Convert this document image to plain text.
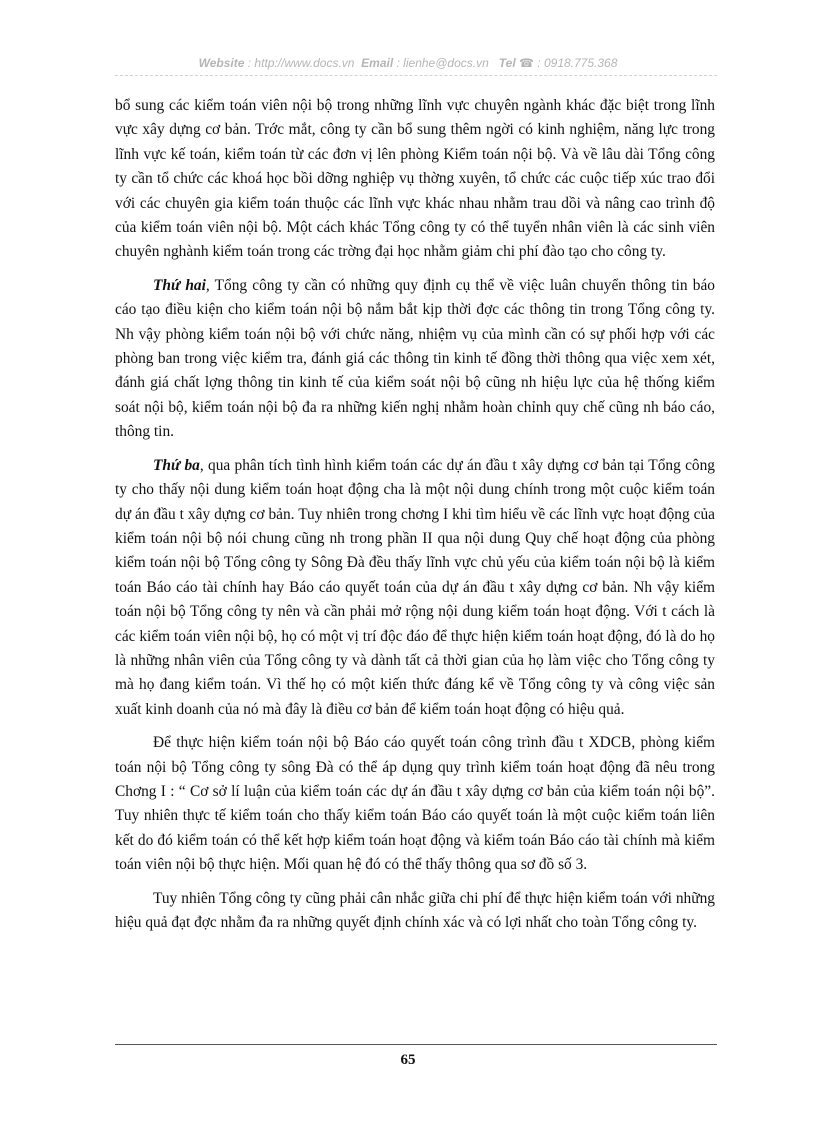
Website : http://www.docs.vn Email : lienhe@docs.vn Tel ☎ : 0918.775.368

bổ sung các kiểm toán viên nội bộ trong những lĩnh vực chuyên ngành khác đặc biệt trong lĩnh vực xây dựng cơ bản. Trớc mắt, công ty cần bổ sung thêm ngời có kinh nghiệm, năng lực trong lĩnh vực kế toán, kiểm toán từ các đơn vị lên phòng Kiểm toán nội bộ. Và về lâu dài Tổng công ty cần tổ chức các khoá học bồi dỡng nghiệp vụ thờng xuyên, tổ chức các cuộc tiếp xúc trao đổi với các chuyên gia kiểm toán thuộc các lĩnh vực khác nhau nhằm trau dồi và nâng cao trình độ của kiểm toán viên nội bộ. Một cách khác Tổng công ty có thể tuyển nhân viên là các sinh viên chuyên nghành kiểm toán trong các trờng đại học nhằm giảm chi phí đào tạo cho công ty.

Thứ hai, Tổng công ty cần có những quy định cụ thể về việc luân chuyển thông tin báo cáo tạo điều kiện cho kiểm toán nội bộ nắm bắt kịp thời đợc các thông tin trong Tổng công ty. Nh vậy phòng kiểm toán nội bộ với chức năng, nhiệm vụ của mình cần có sự phối hợp với các phòng ban trong việc kiểm tra, đánh giá các thông tin kinh tế đồng thời thông qua việc xem xét, đánh giá chất lợng thông tin kinh tế của kiểm soát nội bộ cũng nh hiệu lực của hệ thống kiểm soát nội bộ, kiểm toán nội bộ đa ra những kiến nghị nhằm hoàn chỉnh quy chế cũng nh báo cáo, thông tin.

Thứ ba, qua phân tích tình hình kiểm toán các dự án đầu t xây dựng cơ bản tại Tổng công ty cho thấy nội dung kiểm toán hoạt động cha là một nội dung chính trong một cuộc kiểm toán dự án đầu t xây dựng cơ bản. Tuy nhiên trong chơng I khi tìm hiểu về các lĩnh vực hoạt động của kiểm toán nội bộ nói chung cũng nh trong phần II qua nội dung Quy chế hoạt động của phòng kiểm toán nội bộ Tổng công ty Sông Đà đều thấy lĩnh vực chủ yếu của kiểm toán nội bộ là kiểm toán Báo cáo tài chính hay Báo cáo quyết toán của dự án đầu t xây dựng cơ bản. Nh vậy kiểm toán nội bộ Tổng công ty nên và cần phải mở rộng nội dung kiểm toán hoạt động. Với t cách là các kiểm toán viên nội bộ, họ có một vị trí độc đáo để thực hiện kiểm toán hoạt động, đó là do họ là những nhân viên của Tổng công ty và dành tất cả thời gian của họ làm việc cho Tổng công ty mà họ đang kiểm toán. Vì thế họ có một kiến thức đáng kể về Tổng công ty và công việc sản xuất kinh doanh của nó mà đây là điều cơ bản để kiểm toán hoạt động có hiệu quả.

Để thực hiện kiểm toán nội bộ Báo cáo quyết toán công trình đầu t XDCB, phòng kiểm toán nội bộ Tổng công ty sông Đà có thể áp dụng quy trình kiểm toán hoạt động đã nêu trong Chơng I : “ Cơ sở lí luận của kiểm toán các dự án đầu t xây dựng cơ bản của kiểm toán nội bộ”. Tuy nhiên thực tế kiểm toán cho thấy kiểm toán Báo cáo quyết toán là một cuộc kiểm toán liên kết do đó kiểm toán có thể kết hợp kiểm toán hoạt động và kiểm toán Báo cáo tài chính mà kiểm toán viên nội bộ thực hiện. Mối quan hệ đó có thể thấy thông qua sơ đồ số 3.

Tuy nhiên Tổng công ty cũng phải cân nhắc giữa chi phí để thực hiện kiểm toán với những hiệu quả đạt đợc nhằm đa ra những quyết định chính xác và có lợi nhất cho toàn Tổng công ty.

65
